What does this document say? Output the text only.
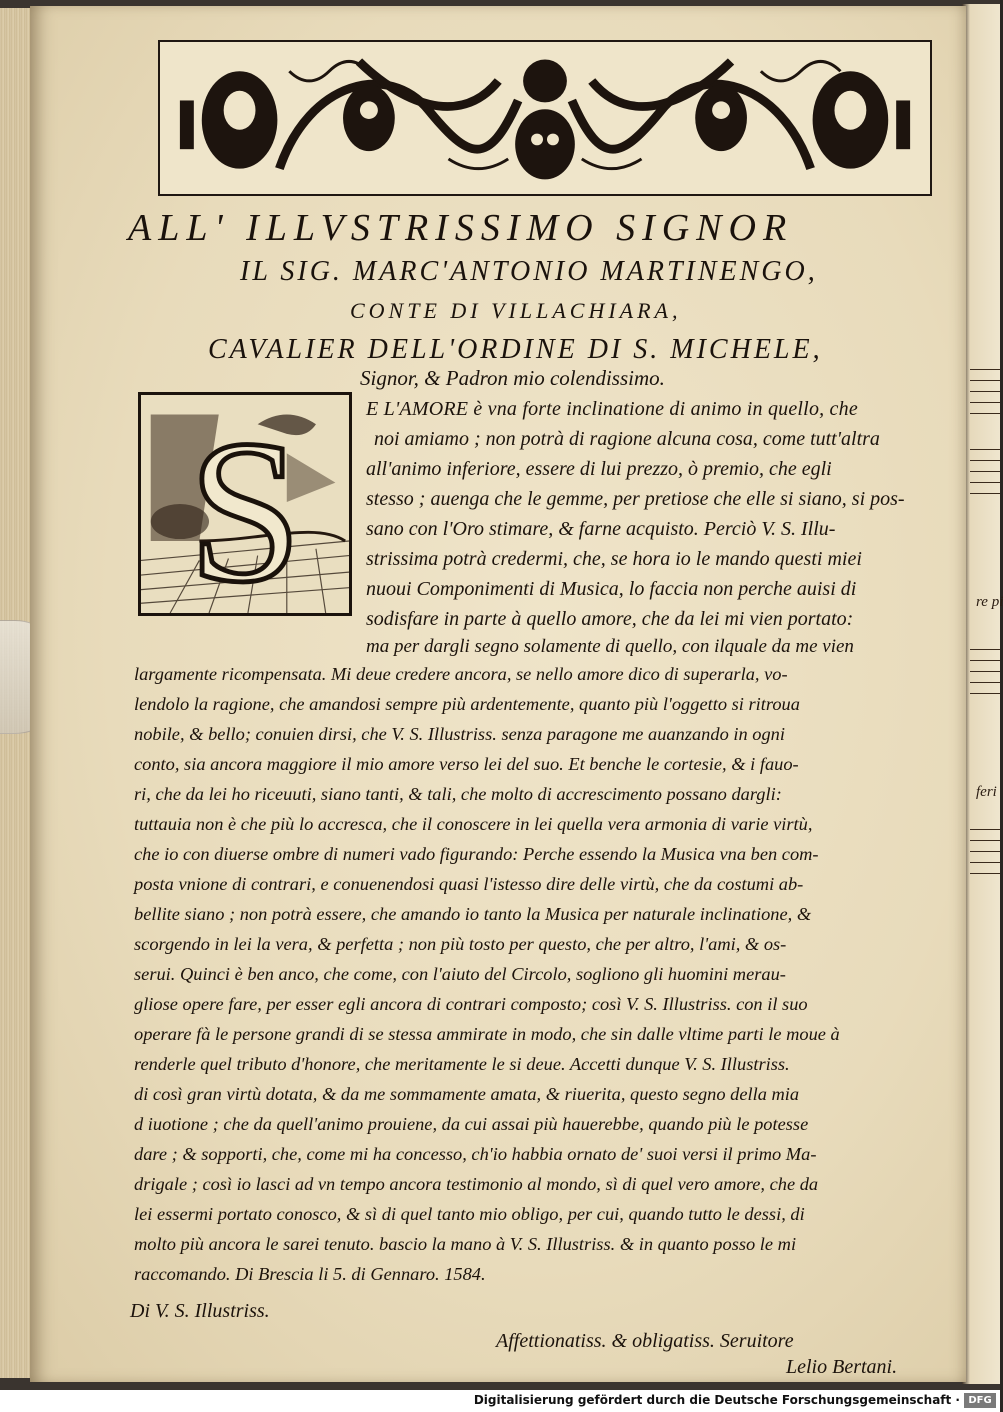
re pi
feri
ALL' ILLVSTRISSIMO SIGNOR
IL SIG. MARC'ANTONIO MARTINENGO,
CONTE DI VILLACHIARA,
CAVALIER DELL'ORDINE DI S. MICHELE,
Signor, & Padron mio colendissimo.
S	E L'AMORE è vna forte inclinatione di animo in quello, che
noi amiamo ; non potrà di ragione alcuna cosa, come tutt'altra
all'animo inferiore, essere di lui prezzo, ò premio, che egli
stesso ; auenga che le gemme, per pretiose che elle si siano, si pos-
sano con l'Oro stimare, & farne acquisto. Perciò V. S. Illu-
strissima potrà credermi, che, se hora io le mando questi miei
nuoui Componimenti di Musica, lo faccia non perche auisi di
sodisfare in parte à quello amore, che da lei mi vien portato:
ma per dargli segno solamente di quello, con ilquale da me vien
largamente ricompensata. Mi deue credere ancora, se nello amore dico di superarla, vo-
lendolo la ragione, che amandosi sempre più ardentemente, quanto più l'oggetto si ritroua
nobile, & bello; conuien dirsi, che V. S. Illustriss. senza paragone me auanzando in ogni
conto, sia ancora maggiore il mio amore verso lei del suo. Et benche le cortesie, & i fauo-
ri, che da lei ho riceuuti, siano tanti, & tali, che molto di accrescimento possano dargli:
tuttauia non è che più lo accresca, che il conoscere in lei quella vera armonia di varie virtù,
che io con diuerse ombre di numeri vado figurando: Perche essendo la Musica vna ben com-
posta vnione di contrari, e conuenendosi quasi l'istesso dire delle virtù, che da costumi ab-
bellite siano ; non potrà essere, che amando io tanto la Musica per naturale inclinatione, &
scorgendo in lei la vera, & perfetta ; non più tosto per questo, che per altro, l'ami, & os-
serui. Quinci è ben anco, che come, con l'aiuto del Circolo, sogliono gli huomini merau-
gliose opere fare, per esser egli ancora di contrari composto; così V. S. Illustriss. con il suo
operare fà le persone grandi di se stessa ammirate in modo, che sin dalle vltime parti le moue à
renderle quel tributo d'honore, che meritamente le si deue. Accetti dunque V. S. Illustriss.
di così gran virtù dotata, & da me sommamente amata, & riuerita, questo segno della mia
d iuotione ; che da quell'animo prouiene, da cui assai più hauerebbe, quando più le potesse
dare ; & sopporti, che, come mi ha concesso, ch'io habbia ornato de' suoi versi il primo Ma-
drigale ; così io lasci ad vn tempo ancora testimonio al mondo, sì di quel vero amore, che da
lei essermi portato conosco, & sì di quel tanto mio obligo, per cui, quando tutto le dessi, di
molto più ancora le sarei tenuto. bascio la mano à V. S. Illustriss. & in quanto posso le mi
raccomando. Di Brescia li 5. di Gennaro. 1584.
Di V. S. Illustriss.
Affettionatiss. & obligatiss. Seruitore
Lelio Bertani.
Digitalisierung gefördert durch die Deutsche Forschungsgemeinschaft · DFG
